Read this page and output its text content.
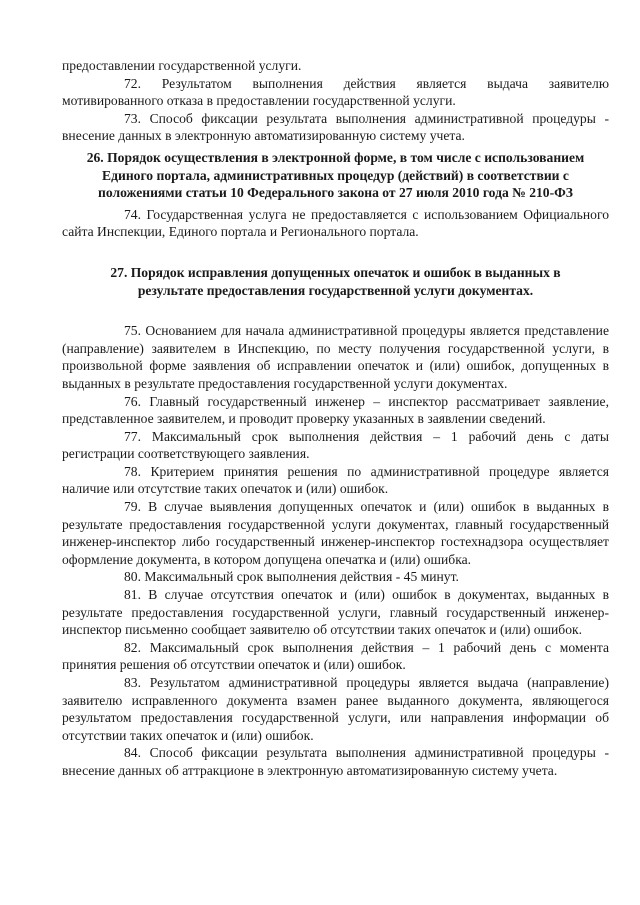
предоставлении государственной услуги.

72. Результатом выполнения действия является выдача заявителю мотивированного отказа в предоставлении государственной услуги.

73. Способ фиксации результата выполнения административной процедуры - внесение данных в электронную автоматизированную систему учета.

26. Порядок осуществления в электронной форме, в том числе с использованием Единого портала, административных процедур (действий) в соответствии с положениями статьи 10 Федерального закона от 27 июля 2010 года № 210-ФЗ

74. Государственная услуга не предоставляется с использованием Официального сайта Инспекции, Единого портала и Регионального портала.

27. Порядок исправления допущенных опечаток и ошибок в выданных в результате предоставления государственной услуги документах.

75. Основанием для начала административной процедуры является представление (направление) заявителем в Инспекцию, по месту получения государственной услуги, в произвольной форме заявления об исправлении опечаток и (или) ошибок, допущенных в выданных в результате предоставления государственной услуги документах.

76. Главный государственный инженер – инспектор рассматривает заявление, представленное заявителем, и проводит проверку указанных в заявлении сведений.

77. Максимальный срок выполнения действия – 1 рабочий день с даты регистрации соответствующего заявления.

78. Критерием принятия решения по административной процедуре является наличие или отсутствие таких опечаток и (или) ошибок.

79. В случае выявления допущенных опечаток и (или) ошибок в выданных в результате предоставления государственной услуги документах, главный государственный инженер-инспектор либо государственный инженер-инспектор гостехнадзора осуществляет оформление документа, в котором допущена опечатка и (или) ошибка.

80. Максимальный срок выполнения действия - 45 минут.

81. В случае отсутствия опечаток и (или) ошибок в документах, выданных в результате предоставления государственной услуги, главный государственный инженер-инспектор письменно сообщает заявителю об отсутствии таких опечаток и (или) ошибок.

82. Максимальный срок выполнения действия – 1 рабочий день с момента принятия решения об отсутствии опечаток и (или) ошибок.

83. Результатом административной процедуры является выдача (направление) заявителю исправленного документа взамен ранее выданного документа, являющегося результатом предоставления государственной услуги, или направления информации об отсутствии таких опечаток и (или) ошибок.

84. Способ фиксации результата выполнения административной процедуры - внесение данных об аттракционе в электронную автоматизированную систему учета.
